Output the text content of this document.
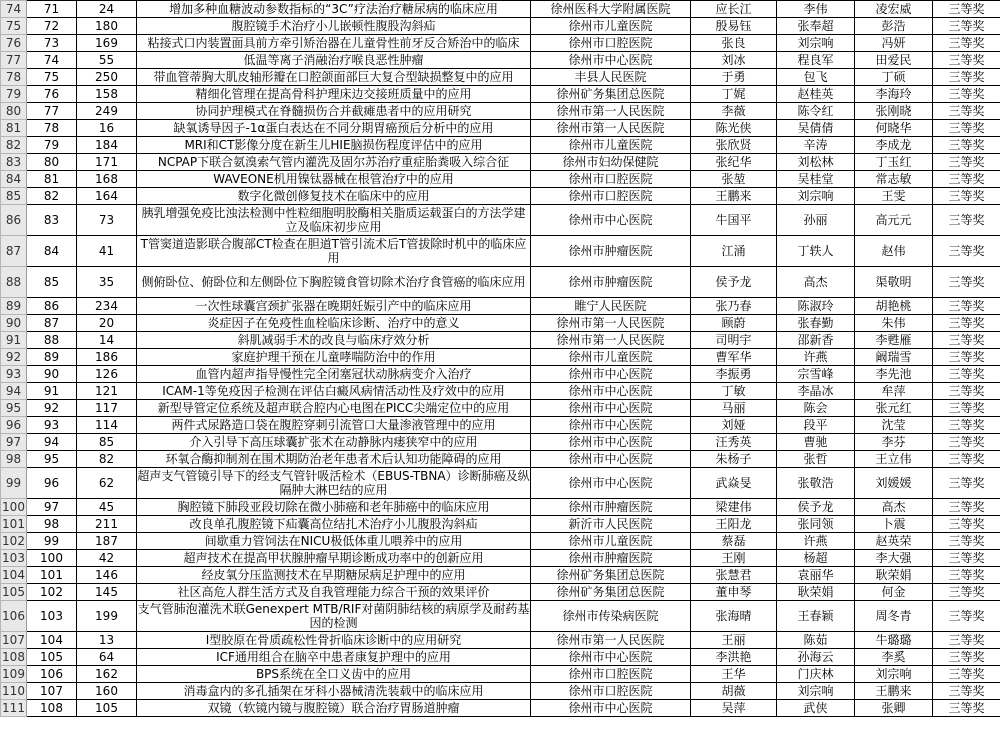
74	71	24	增加多种血糖波动参数指标的“3C”疗法治疗糖尿病的临床应用	徐州医科大学附属医院	应长江	李伟	凌宏威	三等奖
75	72	180	腹腔镜手术治疗小儿嵌顿性腹股沟斜疝	徐州市儿童医院	殷易钰	张奉超	彭浩	三等奖
76	73	169	粘接式口内装置面具前方牵引矫治器在儿童骨性前牙反合矫治中的临床	徐州市口腔医院	张良	刘宗响	冯妍	三等奖
77	74	55	低温等离子消融治疗喉良恶性肿瘤	徐州市中心医院	刘冰	程良军	田爱民	三等奖
78	75	250	带血管蒂胸大肌皮轴形瓣在口腔颌面部巨大复合型缺损整复中的应用	丰县人民医院	于勇	包飞	丁硕	三等奖
79	76	158	精细化管理在提高骨科护理床边交接班质量中的应用	徐州矿务集团总医院	丁娓	赵桂英	李海玲	三等奖
80	77	249	协同护理模式在脊髓损伤合并截瘫患者中的应用研究	徐州市第一人民医院	李薇	陈令红	张刚晓	三等奖
81	78	16	缺氧诱导因子-1α蛋白表达在不同分期胃癌预后分析中的应用	徐州市第一人民医院	陈光侠	吴倩倩	何晓华	三等奖
82	79	184	MRI和CT影像分度在新生儿HIE脑损伤程度评估中的应用	徐州市儿童医院	张欣贤	辛涛	李成龙	三等奖
83	80	171	NCPAP下联合氨溴索气管内灌洗及固尔苏治疗重症胎粪吸入综合征	徐州市妇幼保健院	张纪华	刘松林	丁玉红	三等奖
84	81	168	WAVEONE机用镍钛器械在根管治疗中的应用	徐州市口腔医院	张堃	吴桂堂	常志敏	三等奖
85	82	164	数字化微创修复技术在临床中的应用	徐州市口腔医院	王鹏来	刘宗响	王雯	三等奖
86	83	73	胰乳增强免疫比浊法检测中性粒细胞明胶酶相关脂质运载蛋白的方法学建立及临床初步应用	徐州市中心医院	牛国平	孙丽	高元元	三等奖
87	84	41	T管窦道造影联合腹部CT检查在胆道T管引流术后T管拔除时机中的临床应用	徐州市肿瘤医院	江涌	丁轶人	赵伟	三等奖
88	85	35	侧俯卧位、俯卧位和左侧卧位下胸腔镜食管切除术治疗食管癌的临床应用	徐州市肿瘤医院	侯予龙	高杰	渠敬明	三等奖
89	86	234	一次性球囊宫颈扩张器在晚期妊娠引产中的临床应用	睢宁人民医院	张乃春	陈淑玲	胡艳桃	三等奖
90	87	20	炎症因子在免疫性血栓临床诊断、治疗中的意义	徐州市第一人民医院	顾蔚	张春勤	朱伟	三等奖
91	88	14	斜肌减弱手术的改良与临床疗效分析	徐州市第一人民医院	司明宇	邵新香	李甦雁	三等奖
92	89	186	家庭护理干预在儿童哮喘防治中的作用	徐州市儿童医院	曹军华	许燕	阚瑞雪	三等奖
93	90	126	血管内超声指导慢性完全闭塞冠状动脉病变介入治疗	徐州市中心医院	李振勇	宗雪峰	李先池	三等奖
94	91	121	ICAM-1等免疫因子检测在评估白癜风病情活动性及疗效中的应用	徐州市中心医院	丁敏	李晶冰	牟萍	三等奖
95	92	117	新型导管定位系统及超声联合腔内心电图在PICC尖端定位中的应用	徐州市中心医院	马丽	陈会	张元红	三等奖
96	93	114	两件式尿路造口袋在腹腔穿刺引流管口大量渗液管理中的应用	徐州市中心医院	刘娅	段平	沈莹	三等奖
97	94	85	介入引导下高压球囊扩张术在动静脉内瘘狭窄中的应用	徐州市中心医院	汪秀英	曹驰	李芬	三等奖
98	95	82	环氧合酶抑制剂在围术期防治老年患者术后认知功能障碍的应用	徐州市中心医院	朱杨子	张哲	王立伟	三等奖
99	96	62	超声支气管镜引导下的经支气管针吸活检术（EBUS-TBNA）诊断肺癌及纵隔肿大淋巴结的应用	徐州市中心医院	武焱旻	张敬浩	刘媛媛	三等奖
100	97	45	胸腔镜下肺段亚段切除在微小肺癌和老年肺癌中的临床应用	徐州市肿瘤医院	梁建伟	侯予龙	高杰	三等奖
101	98	211	改良单孔腹腔镜下疝囊高位结扎术治疗小儿腹股沟斜疝	新沂市人民医院	王阳龙	张同领	卜震	三等奖
102	99	187	间歇重力管饲法在NICU极低体重儿喂养中的应用	徐州市儿童医院	蔡磊	许燕	赵英荣	三等奖
103	100	42	超声技术在提高甲状腺肿瘤早期诊断成功率中的创新应用	徐州市肿瘤医院	王刚	杨超	李大强	三等奖
104	101	146	经皮氧分压监测技术在早期糖尿病足护理中的应用	徐州矿务集团总医院	张慧君	袁丽华	耿荣娟	三等奖
105	102	145	社区高危人群生活方式及自我管理能力综合干预的效果评价	徐州矿务集团总医院	董申琴	耿荣娟	何金	三等奖
106	103	199	支气管肺泡灌洗术联Genexpert MTB/RIF对菌阴肺结核的病原学及耐药基因的检测	徐州市传染病医院	张海晴	王春颖	周冬青	三等奖
107	104	13	I型胶原在骨质疏松性骨折临床诊断中的应用研究	徐州市第一人民医院	王丽	陈茹	牛璐璐	三等奖
108	105	64	ICF通用组合在脑卒中患者康复护理中的应用	徐州市中心医院	李洪艳	孙海云	李奚	三等奖
109	106	162	BPS系统在全口义齿中的应用	徐州市口腔医院	王华	门庆林	刘宗响	三等奖
110	107	160	消毒盒内的多孔插架在牙科小器械清洗装载中的临床应用	徐州市口腔医院	胡薇	刘宗响	王鹏来	三等奖
111	108	105	双镜（软镜内镜与腹腔镜）联合治疗胃肠道肿瘤	徐州市中心医院	吴萍	武侠	张卿	三等奖
